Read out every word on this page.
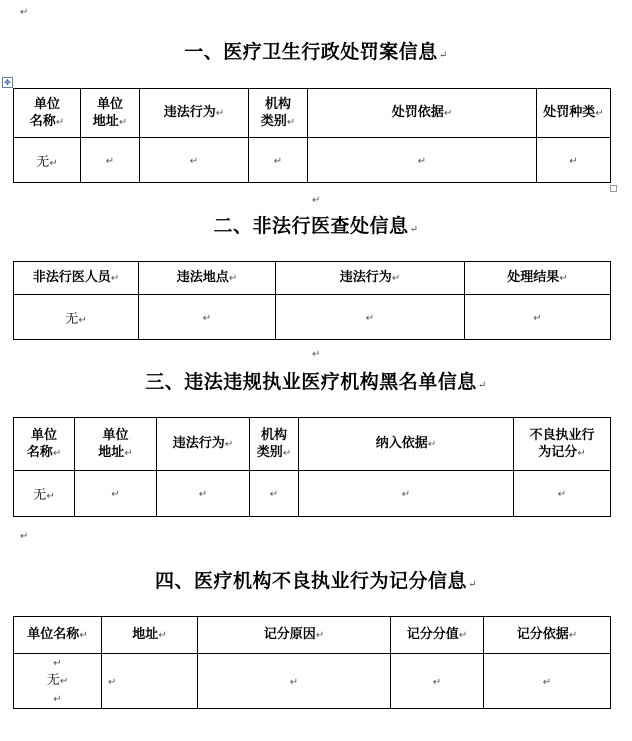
↵
一、医疗卫生行政处罚案信息↵
✥
单位
名称↵	单位
地址↵	违法行为↵	机构
类别↵	处罚依据↵	处罚种类↵
无↵	↵	↵	↵	↵	↵
↵
二、非法行医查处信息↵
非法行医人员↵	违法地点↵	违法行为↵	处理结果↵
无↵	↵	↵	↵
↵
三、违法违规执业医疗机构黑名单信息↵
单位
名称↵	单位
地址↵	违法行为↵	机构
类别↵	纳入依据↵	不良执业行
为记分↵
无↵	↵	↵	↵	↵	↵
↵
四、医疗机构不良执业行为记分信息↵
单位名称↵	地址↵	记分原因↵	记分分值↵	记分依据↵
↵
无↵
↵	↵	↵	↵	↵
